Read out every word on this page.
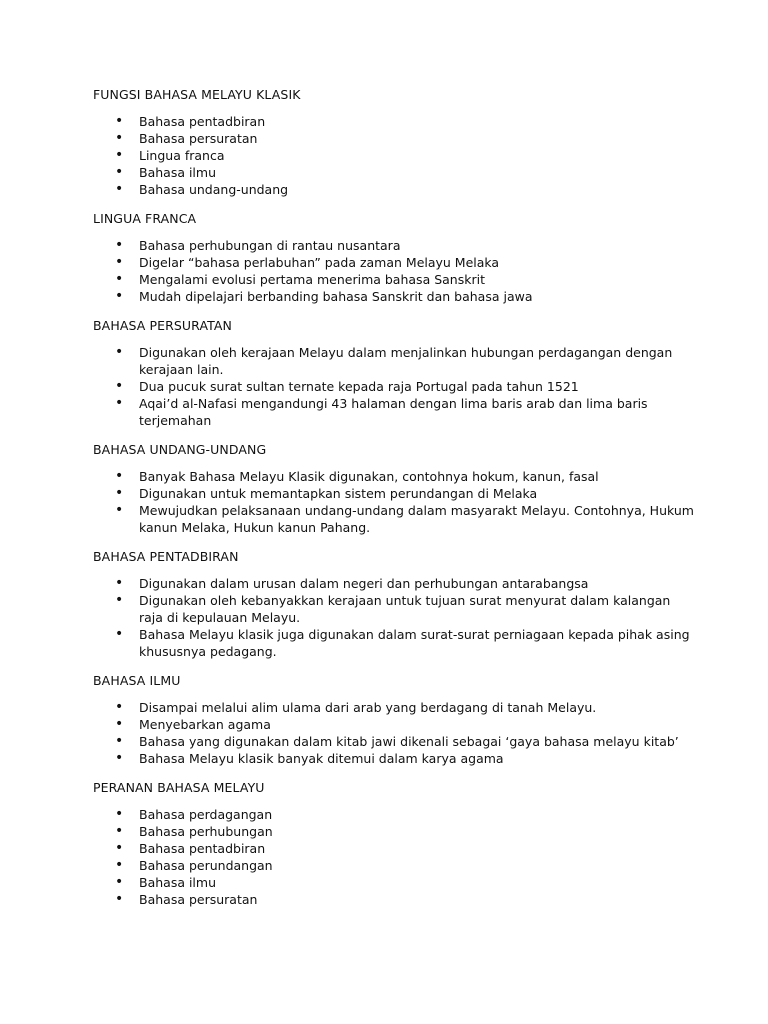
FUNGSI BAHASA MELAYU KLASIK
• Bahasa pentadbiran
• Bahasa persuratan
• Lingua franca
• Bahasa ilmu
• Bahasa undang-undang
LINGUA FRANCA
• Bahasa perhubungan di rantau nusantara
• Digelar “bahasa perlabuhan” pada zaman Melayu Melaka
• Mengalami evolusi pertama menerima bahasa Sanskrit
• Mudah dipelajari berbanding bahasa Sanskrit dan bahasa jawa
BAHASA PERSURATAN
• Digunakan oleh kerajaan Melayu dalam menjalinkan hubungan perdagangan dengan kerajaan lain.
• Dua pucuk surat sultan ternate kepada raja Portugal pada tahun 1521
• Aqai’d al-Nafasi mengandungi 43 halaman dengan lima baris arab dan lima baris terjemahan
BAHASA UNDANG-UNDANG
• Banyak Bahasa Melayu Klasik digunakan, contohnya hokum, kanun, fasal
• Digunakan untuk memantapkan sistem perundangan di Melaka
• Mewujudkan pelaksanaan undang-undang dalam masyarakt Melayu. Contohnya, Hukum kanun Melaka, Hukun kanun Pahang.
BAHASA PENTADBIRAN
• Digunakan dalam urusan dalam negeri dan perhubungan antarabangsa
• Digunakan oleh kebanyakkan kerajaan untuk tujuan surat menyurat dalam kalangan raja di kepulauan Melayu.
• Bahasa Melayu klasik juga digunakan dalam surat-surat perniagaan kepada pihak asing khususnya pedagang.
BAHASA ILMU
• Disampai melalui alim ulama dari arab yang berdagang di tanah Melayu.
• Menyebarkan agama
• Bahasa yang digunakan dalam kitab jawi dikenali sebagai ‘gaya bahasa melayu kitab’
• Bahasa Melayu klasik banyak ditemui dalam karya agama
PERANAN BAHASA MELAYU
• Bahasa perdagangan
• Bahasa perhubungan
• Bahasa pentadbiran
• Bahasa perundangan
• Bahasa ilmu
• Bahasa persuratan
